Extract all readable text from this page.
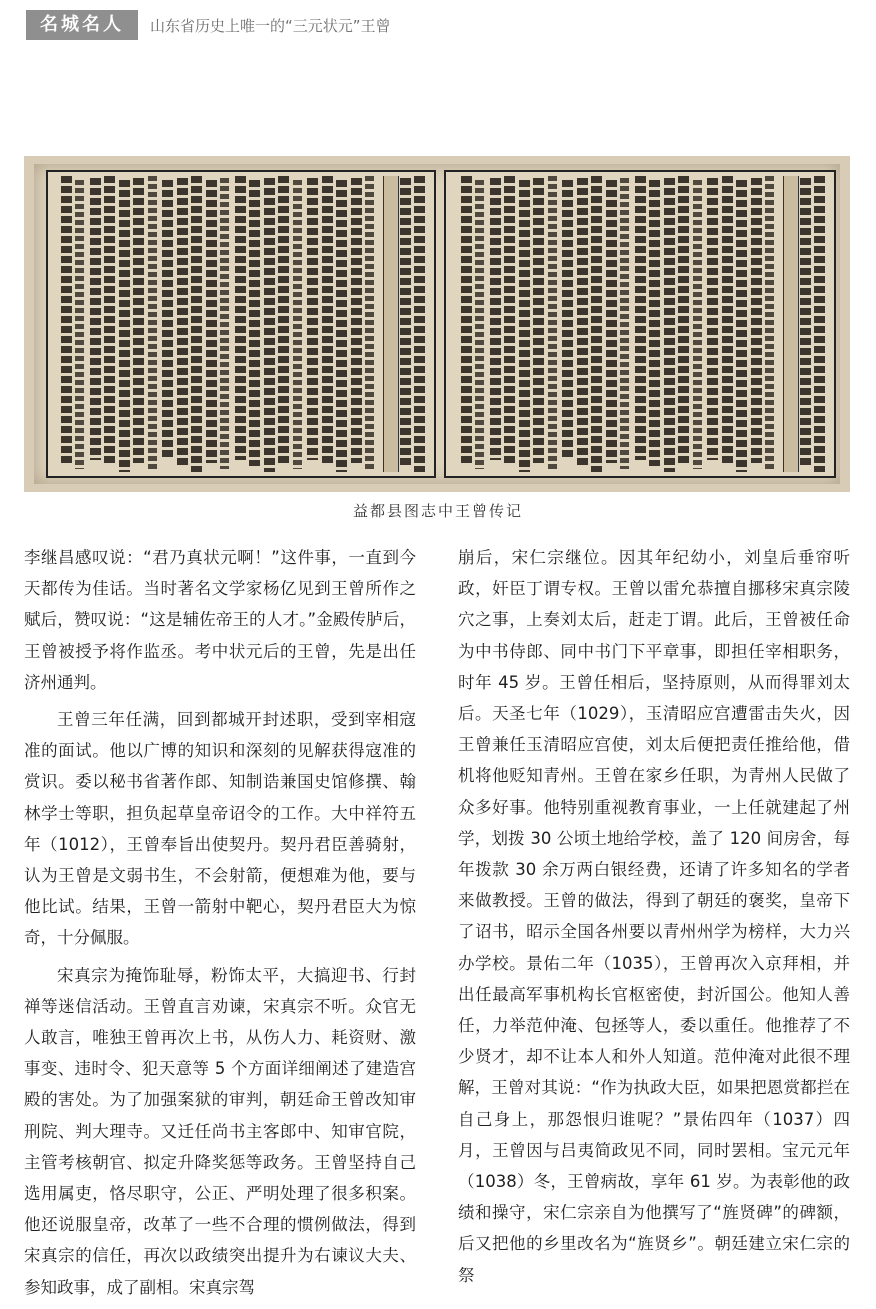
名城名人	山东省历史上唯一的“三元状元”王曾
益都县图志中王曾传记

李继昌感叹说：“君乃真状元啊！”这件事，一直到今天都传为佳话。当时著名文学家杨亿见到王曾所作之赋后，赞叹说：“这是辅佐帝王的人才。”金殿传胪后，王曾被授予将作监丞。考中状元后的王曾，先是出任济州通判。

王曾三年任满，回到都城开封述职，受到宰相寇准的面试。他以广博的知识和深刻的见解获得寇准的赏识。委以秘书省著作郎、知制诰兼国史馆修撰、翰林学士等职，担负起草皇帝诏令的工作。大中祥符五年（1012），王曾奉旨出使契丹。契丹君臣善骑射，认为王曾是文弱书生，不会射箭，便想难为他，要与他比试。结果，王曾一箭射中靶心，契丹君臣大为惊奇，十分佩服。

宋真宗为掩饰耻辱，粉饰太平，大搞迎书、行封禅等迷信活动。王曾直言劝谏，宋真宗不听。众官无人敢言，唯独王曾再次上书，从伤人力、耗资财、激事变、违时令、犯天意等 5 个方面详细阐述了建造宫殿的害处。为了加强案狱的审判，朝廷命王曾改知审刑院、判大理寺。又迁任尚书主客郎中、知审官院，主管考核朝官、拟定升降奖惩等政务。王曾坚持自己选用属吏，恪尽职守，公正、严明处理了很多积案。他还说服皇帝，改革了一些不合理的惯例做法，得到宋真宗的信任，再次以政绩突出提升为右谏议大夫、参知政事，成了副相。宋真宗驾

崩后，宋仁宗继位。因其年纪幼小，刘皇后垂帘听政，奸臣丁谓专权。王曾以雷允恭擅自挪移宋真宗陵穴之事，上奏刘太后，赶走丁谓。此后，王曾被任命为中书侍郎、同中书门下平章事，即担任宰相职务，时年 45 岁。王曾任相后，坚持原则，从而得罪刘太后。天圣七年（1029），玉清昭应宫遭雷击失火，因王曾兼任玉清昭应宫使，刘太后便把责任推给他，借机将他贬知青州。王曾在家乡任职，为青州人民做了众多好事。他特别重视教育事业，一上任就建起了州学，划拨 30 公顷土地给学校，盖了 120 间房舍，每年拨款 30 余万两白银经费，还请了许多知名的学者来做教授。王曾的做法，得到了朝廷的褒奖，皇帝下了诏书，昭示全国各州要以青州州学为榜样，大力兴办学校。景佑二年（1035），王曾再次入京拜相，并出任最高军事机构长官枢密使，封沂国公。他知人善任，力举范仲淹、包拯等人，委以重任。他推荐了不少贤才，却不让本人和外人知道。范仲淹对此很不理解，王曾对其说：“作为执政大臣，如果把恩赏都拦在自己身上，那怨恨归谁呢？”景佑四年（1037）四月，王曾因与吕夷简政见不同，同时罢相。宝元元年（1038）冬，王曾病故，享年 61 岁。为表彰他的政绩和操守，宋仁宗亲自为他撰写了“旌贤碑”的碑额，后又把他的乡里改名为“旌贤乡”。朝廷建立宋仁宗的祭
